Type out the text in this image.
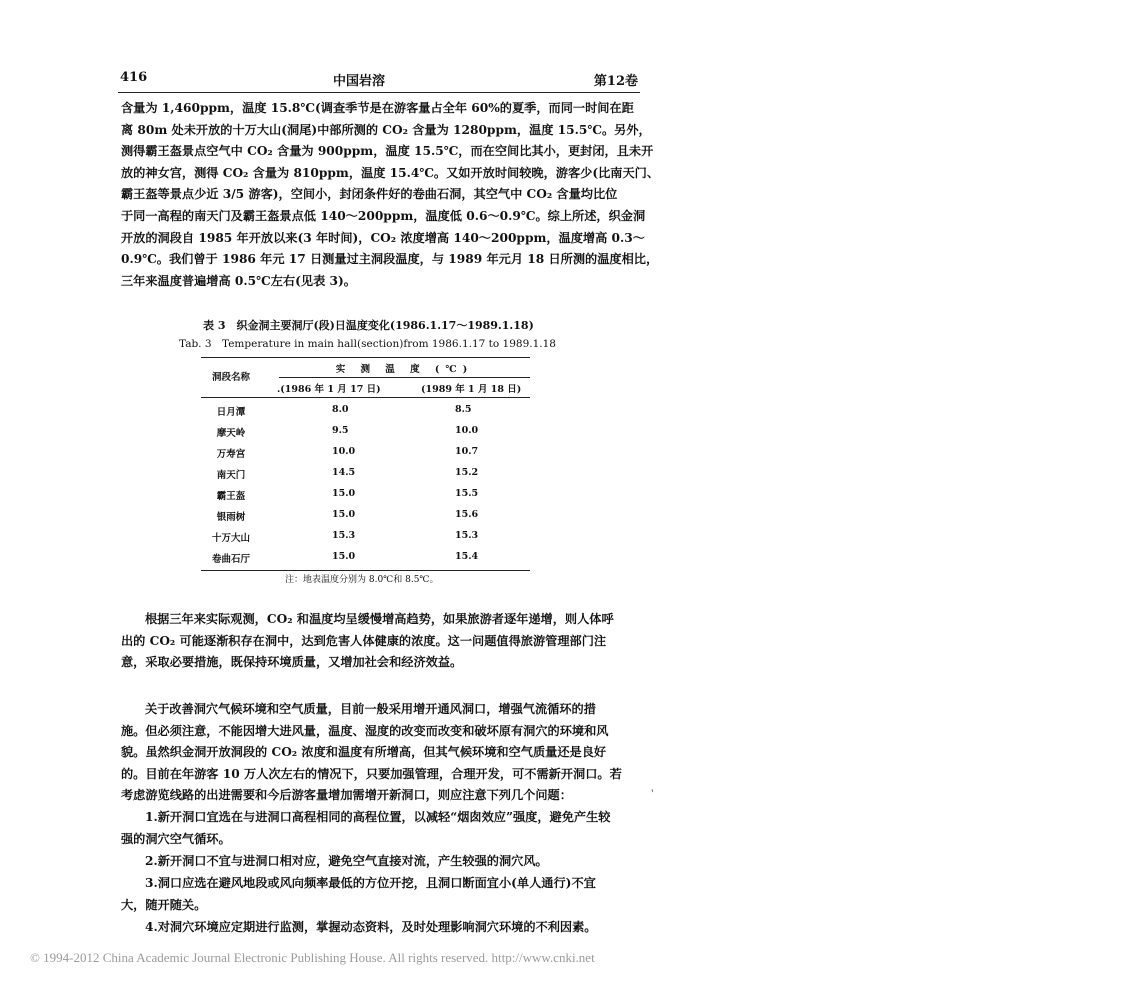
416	中国岩溶	第12卷

含量为 1,460ppm，温度 15.8℃(调查季节是在游客量占全年 60%的夏季，而同一时间在距
离 80m 处未开放的十万大山(洞尾)中部所测的 CO₂ 含量为 1280ppm，温度 15.5℃。另外，
测得霸王盔景点空气中 CO₂ 含量为 900ppm，温度 15.5℃，而在空间比其小，更封闭，且未开
放的神女宫，测得 CO₂ 含量为 810ppm，温度 15.4℃。又如开放时间较晚，游客少(比南天门、
霸王盔等景点少近 3/5 游客)，空间小，封闭条件好的卷曲石洞，其空气中 CO₂ 含量均比位
于同一高程的南天门及霸王盔景点低 140～200ppm，温度低 0.6～0.9℃。综上所述，织金洞
开放的洞段自 1985 年开放以来(3 年时间)，CO₂ 浓度增高 140～200ppm，温度增高 0.3～
0.9℃。我们曾于 1986 年元 17 日测量过主洞段温度，与 1989 年元月 18 日所测的温度相比，
三年来温度普遍增高 0.5℃左右(见表 3)。

表 3　织金洞主要洞厅(段)日温度变化(1986.1.17～1989.1.18)
Tab. 3　Temperature in main hall(section)from 1986.1.17 to 1989.1.18
洞段名称
实 测 温 度 (℃)
.(1986 年 1 月 17 日)	(1989 年 1 月 18 日)
日月潭	8.0	8.5
摩天岭	9.5	10.0
万寿宫	10.0	10.7
南天门	14.5	15.2
霸王盔	15.0	15.5
银雨树	15.0	15.6
十万大山	15.3	15.3
卷曲石厅	15.0	15.4
注：地表温度分别为 8.0℃和 8.5℃。

根据三年来实际观测，CO₂ 和温度均呈缓慢增高趋势，如果旅游者逐年递增，则人体呼
出的 CO₂ 可能逐渐积存在洞中，达到危害人体健康的浓度。这一问题值得旅游管理部门注
意，采取必要措施，既保持环境质量，又增加社会和经济效益。

关于改善洞穴气候环境和空气质量，目前一般采用增开通风洞口，增强气流循环的措
施。但必须注意，不能因增大进风量，温度、湿度的改变而改变和破坏原有洞穴的环境和风
貌。虽然织金洞开放洞段的 CO₂ 浓度和温度有所增高，但其气候环境和空气质量还是良好
的。目前在年游客 10 万人次左右的情况下，只要加强管理，合理开发，可不需新开洞口。若
考虑游览线路的出进需要和今后游客量增加需增开新洞口，则应注意下列几个问题：

1.新开洞口宜选在与进洞口高程相同的高程位置，以减轻“烟囱效应”强度，避免产生较
强的洞穴空气循环。
2.新开洞口不宜与进洞口相对应，避免空气直接对流，产生较强的洞穴风。
3.洞口应选在避风地段或风向频率最低的方位开挖，且洞口断面宜小(单人通行)不宜
大，随开随关。
4.对洞穴环境应定期进行监测，掌握动态资料，及时处理影响洞穴环境的不利因素。
ˋ
© 1994-2012 China Academic Journal Electronic Publishing House. All rights reserved. http://www.cnki.net
